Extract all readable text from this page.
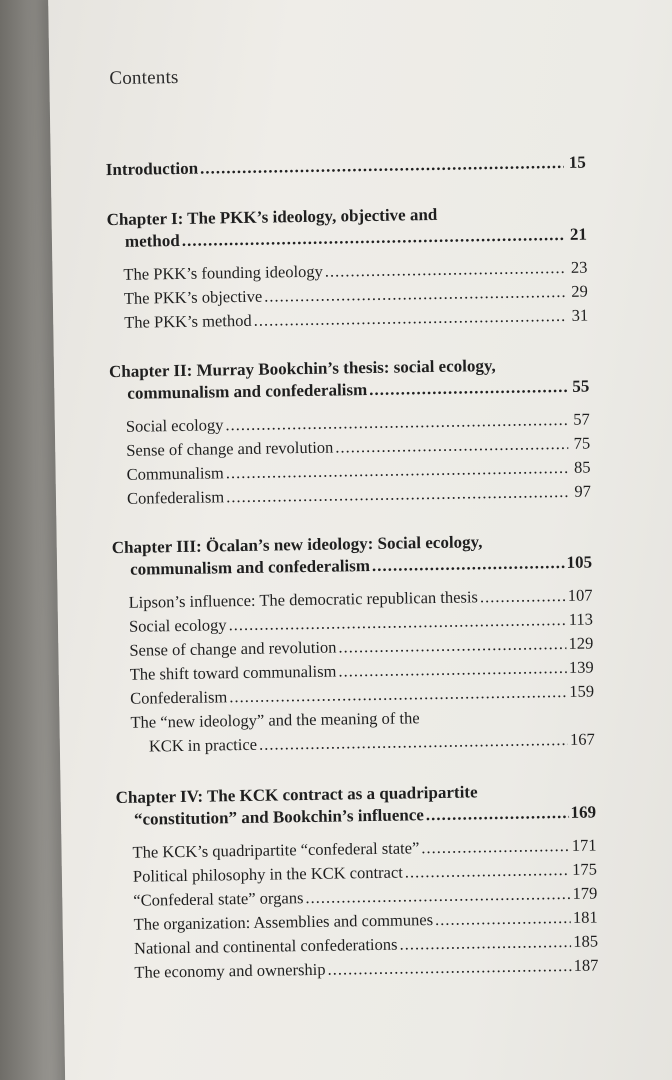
Contents
Introduction .....	15
Chapter I: The PKK’s ideology, objective and
method .....	21
The PKK’s founding ideology .....	23
The PKK’s objective .....	29
The PKK’s method .....	31
Chapter II: Murray Bookchin’s thesis: social ecology,
communalism and confederalism .....	55
Social ecology .....	57
Sense of change and revolution .....	75
Communalism .....	85
Confederalism .....	97
Chapter III: Öcalan’s new ideology: Social ecology,
communalism and confederalism .....	105
Lipson’s influence: The democratic republican thesis .....	107
Social ecology .....	113
Sense of change and revolution .....	129
The shift toward communalism .....	139
Confederalism .....	159
The “new ideology” and the meaning of the
KCK in practice .....	167
Chapter IV: The KCK contract as a quadripartite
“constitution” and Bookchin’s influence .....	169
The KCK’s quadripartite “confederal state” .....	171
Political philosophy in the KCK contract .....	175
“Confederal state” organs .....	179
The organization: Assemblies and communes .....	181
National and continental confederations .....	185
The economy and ownership .....	187
